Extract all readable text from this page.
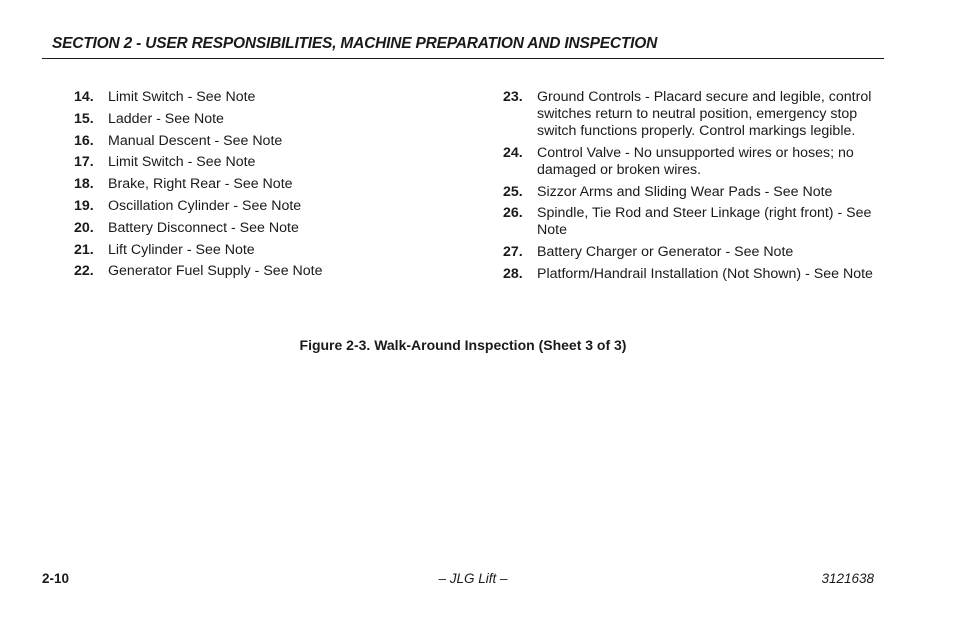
SECTION 2 - USER RESPONSIBILITIES, MACHINE PREPARATION AND INSPECTION
14.	Limit Switch - See Note
15.	Ladder - See Note
16.	Manual Descent - See Note
17.	Limit Switch - See Note
18.	Brake, Right Rear - See Note
19.	Oscillation Cylinder - See Note
20.	Battery Disconnect - See Note
21.	Lift Cylinder - See Note
22.	Generator Fuel Supply - See Note
23.	Ground Controls - Placard secure and legible, control switches return to neutral position, emergency stop switch functions properly. Control markings legible.
24.	Control Valve - No unsupported wires or hoses; no damaged or broken wires.
25.	Sizzor Arms and Sliding Wear Pads - See Note
26.	Spindle, Tie Rod and Steer Linkage (right front) - See Note
27.	Battery Charger or Generator - See Note
28.	Platform/Handrail Installation (Not Shown) - See Note
Figure 2-3. Walk-Around Inspection (Sheet 3 of 3)
2-10	– JLG Lift –	3121638
